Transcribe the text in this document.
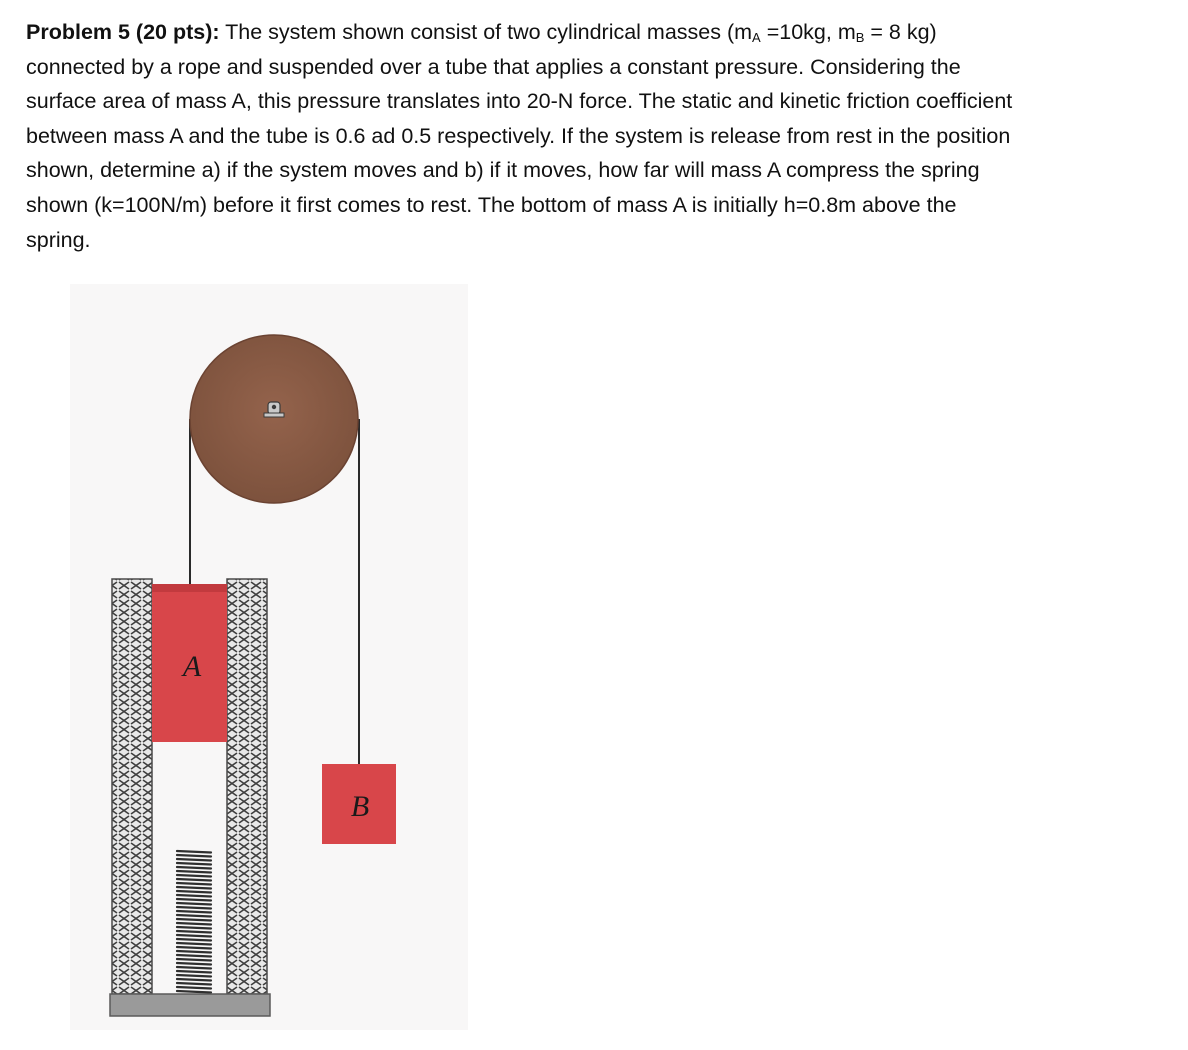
Problem 5 (20 pts): The system shown consist of two cylindrical masses ($m_A =10kg$, $m_B = 8$ kg)
connected by a rope and suspended over a tube that applies a constant pressure. Considering the
surface area of mass A, this pressure translates into 20-N force. The static and kinetic friction coefficient
between mass A and the tube is 0.6 ad 0.5 respectively. If the system is release from rest in the position
shown, determine a) if the system moves and b) if it moves, how far will mass A compress the spring
shown (k=100N/m) before it first comes to rest. The bottom of mass A is initially h=0.8m above the
spring.
A
B
